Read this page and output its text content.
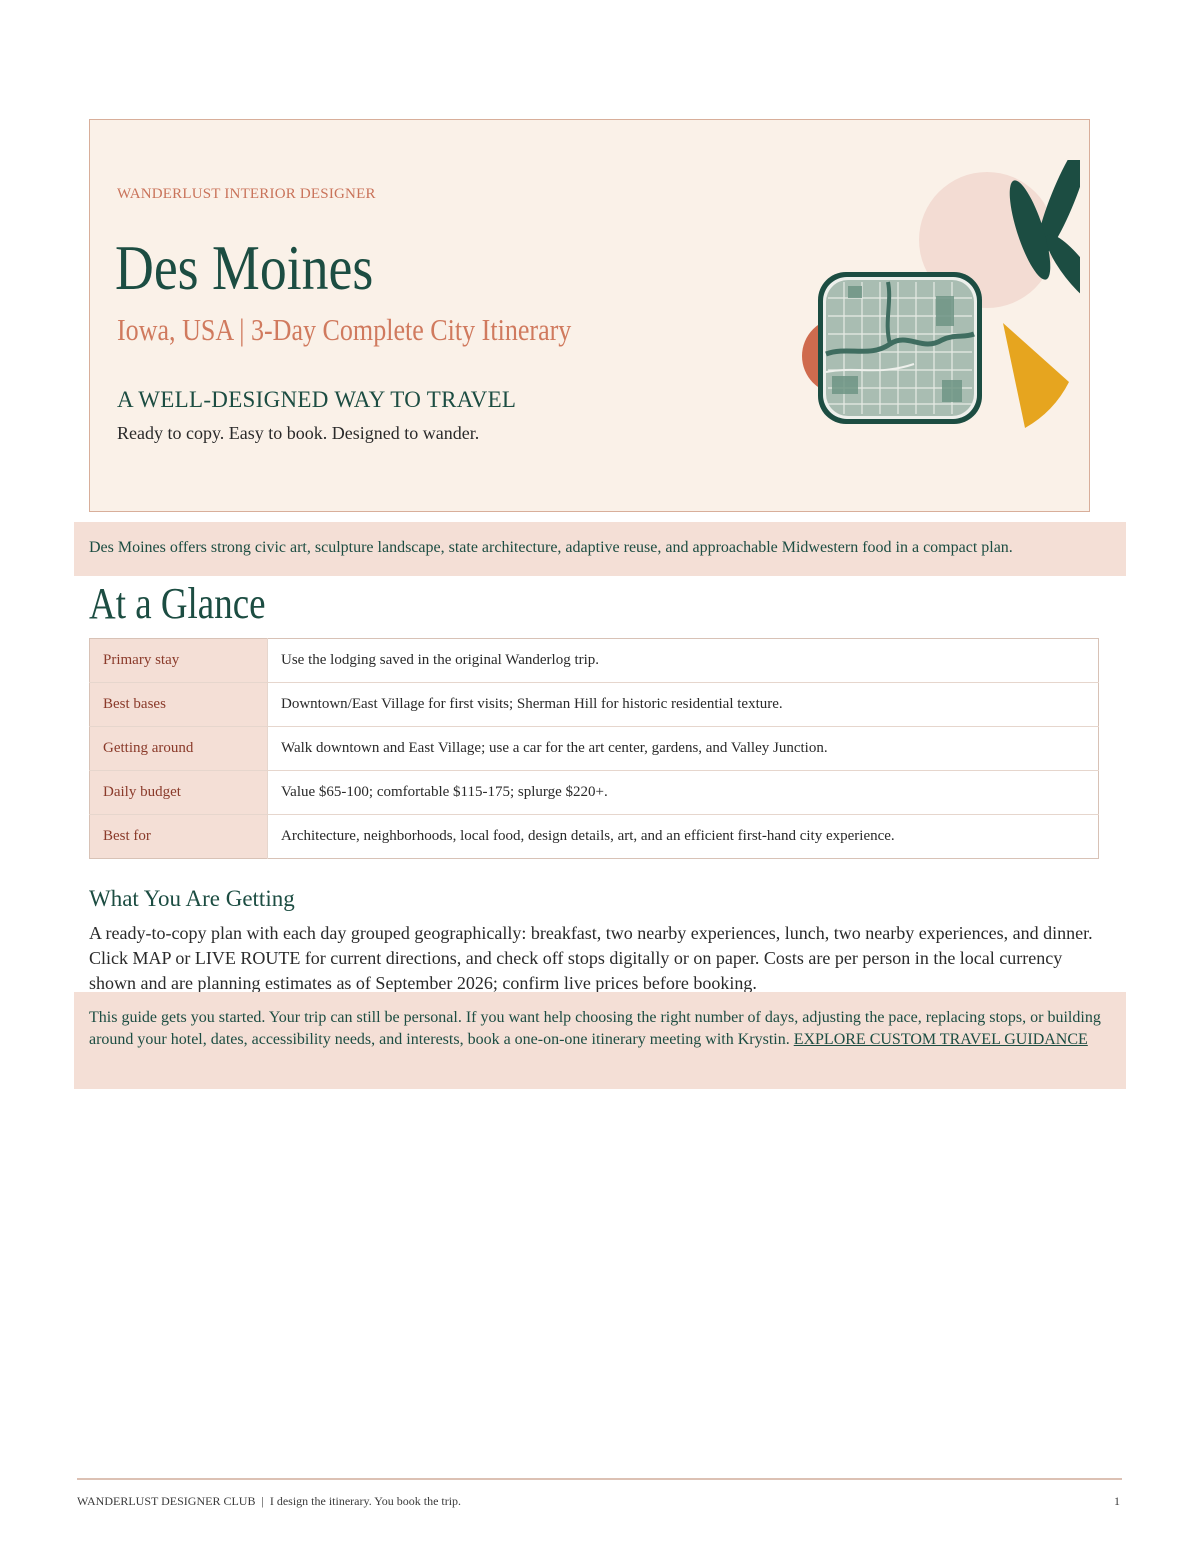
WANDERLUST INTERIOR DESIGNER
Des Moines
Iowa, USA | 3-Day Complete City Itinerary
A WELL-DESIGNED WAY TO TRAVEL
Ready to copy. Easy to book. Designed to wander.
Des Moines offers strong civic art, sculpture landscape, state architecture, adaptive reuse, and approachable Midwestern food in a compact plan.
At a Glance
Primary stay	Use the lodging saved in the original Wanderlog trip.
Best bases	Downtown/East Village for first visits; Sherman Hill for historic residential texture.
Getting around	Walk downtown and East Village; use a car for the art center, gardens, and Valley Junction.
Daily budget	Value $65-100; comfortable $115-175; splurge $220+.
Best for	Architecture, neighborhoods, local food, design details, art, and an efficient first-hand city experience.
What You Are Getting

A ready-to-copy plan with each day grouped geographically: breakfast, two nearby experiences, lunch, two nearby experiences, and dinner. Click MAP or LIVE ROUTE for current directions, and check off stops digitally or on paper. Costs are per person in the local currency shown and are planning estimates as of September 2026; confirm live prices before booking.

This guide gets you started. Your trip can still be personal. If you want help choosing the right number of days, adjusting the pace, replacing stops, or building around your hotel, dates, accessibility needs, and interests, book a one-on-one itinerary meeting with Krystin. EXPLORE CUSTOM TRAVEL GUIDANCE
WANDERLUST DESIGNER CLUB | I design the itinerary. You book the trip.	1
